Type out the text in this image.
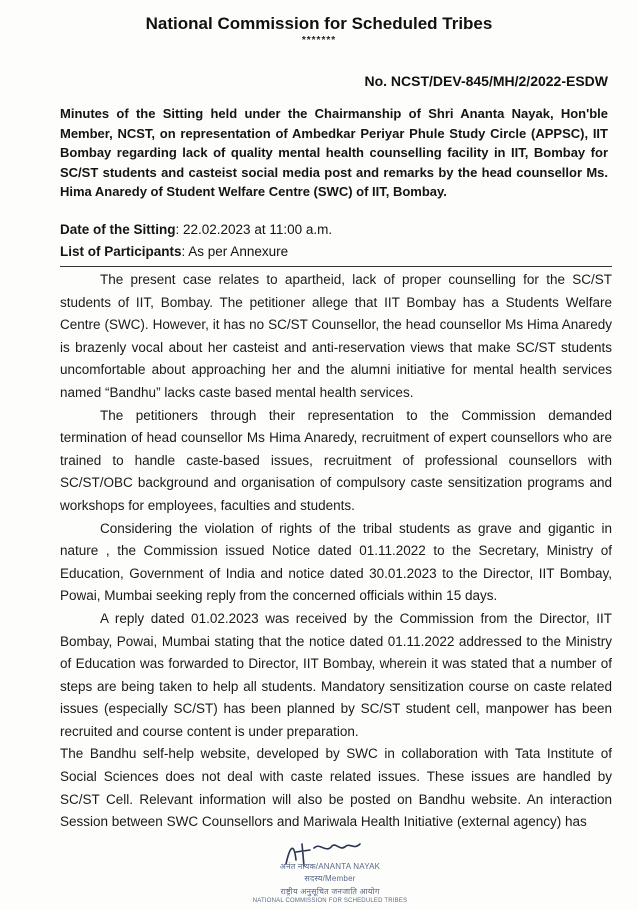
National Commission for Scheduled Tribes
*******
No. NCST/DEV-845/MH/2/2022-ESDW
Minutes of the Sitting held under the Chairmanship of Shri Ananta Nayak, Hon'ble Member, NCST, on representation of Ambedkar Periyar Phule Study Circle (APPSC), IIT Bombay regarding lack of quality mental health counselling facility in IIT, Bombay for SC/ST students and casteist social media post and remarks by the head counsellor Ms. Hima Anaredy of Student Welfare Centre (SWC) of IIT, Bombay.
Date of the Sitting: 22.02.2023 at 11:00 a.m.
List of Participants: As per Annexure

The present case relates to apartheid, lack of proper counselling for the SC/ST students of IIT, Bombay. The petitioner allege that IIT Bombay has a Students Welfare Centre (SWC). However, it has no SC/ST Counsellor, the head counsellor Ms Hima Anaredy is brazenly vocal about her casteist and anti-reservation views that make SC/ST students uncomfortable about approaching her and the alumni initiative for mental health services named “Bandhu” lacks caste based mental health services.

The petitioners through their representation to the Commission demanded termination of head counsellor Ms Hima Anaredy, recruitment of expert counsellors who are trained to handle caste-based issues, recruitment of professional counsellors with SC/ST/OBC background and organisation of compulsory caste sensitization programs and workshops for employees, faculties and students.

Considering the violation of rights of the tribal students as grave and gigantic in nature , the Commission issued Notice dated 01.11.2022 to the Secretary, Ministry of Education, Government of India and notice dated 30.01.2023 to the Director, IIT Bombay, Powai, Mumbai seeking reply from the concerned officials within 15 days.

A reply dated 01.02.2023 was received by the Commission from the Director, IIT Bombay, Powai, Mumbai stating that the notice dated 01.11.2022 addressed to the Ministry of Education was forwarded to Director, IIT Bombay, wherein it was stated that a number of steps are being taken to help all students. Mandatory sensitization course on caste related issues (especially SC/ST) has been planned by SC/ST student cell, manpower has been recruited and course content is under preparation.

The Bandhu self-help website, developed by SWC in collaboration with Tata Institute of Social Sciences does not deal with caste related issues. These issues are handled by SC/ST Cell. Relevant information will also be posted on Bandhu website. An interaction Session between SWC Counsellors and Mariwala Health Initiative (external agency) has

अनंत नायक/ANANTA NAYAK
सदस्य/Member
राष्ट्रीय अनुसूचित जनजाति आयोग
NATIONAL COMMISSION FOR SCHEDULED TRIBES
